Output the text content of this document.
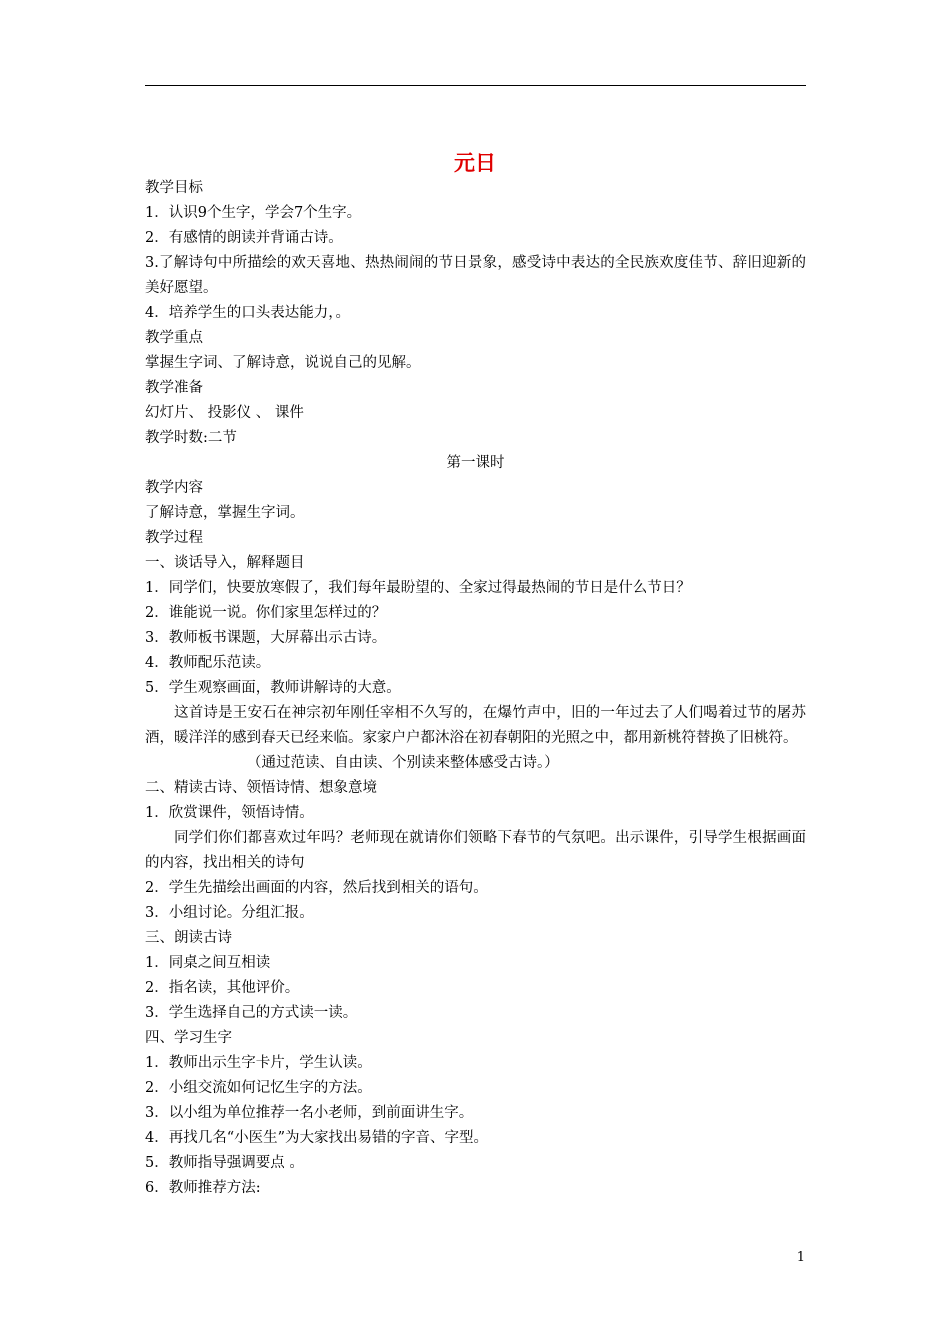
元日

教学目标

1．认识9个生字，学会7个生字。

2．有感情的朗读并背诵古诗。

3.了解诗句中所描绘的欢天喜地、热热闹闹的节日景象，感受诗中表达的全民族欢度佳节、辞旧迎新的美好愿望。

4．培养学生的口头表达能力，。

教学重点

掌握生字词、了解诗意，说说自己的见解。

教学准备

幻灯片、 投影仪 、 课件

教学时数:二节

第一课时

教学内容

了解诗意，掌握生字词。

教学过程

一、谈话导入，解释题目

1．同学们，快要放寒假了，我们每年最盼望的、全家过得最热闹的节日是什么节日？

2．谁能说一说。你们家里怎样过的？

3．教师板书课题，大屏幕出示古诗。

4．教师配乐范读。

5．学生观察画面，教师讲解诗的大意。

这首诗是王安石在神宗初年刚任宰相不久写的，在爆竹声中，旧的一年过去了人们喝着过节的屠苏酒，暖洋洋的感到春天已经来临。家家户户都沐浴在初春朝阳的光照之中，都用新桃符替换了旧桃符。

（通过范读、自由读、个别读来整体感受古诗。）

二、精读古诗、领悟诗情、想象意境

1．欣赏课件，领悟诗情。

同学们你们都喜欢过年吗？老师现在就请你们领略下春节的气氛吧。出示课件，引导学生根据画面的内容，找出相关的诗句

2．学生先描绘出画面的内容，然后找到相关的语句。

3．小组讨论。分组汇报。

三、朗读古诗

1．同桌之间互相读

2．指名读，其他评价。

3．学生选择自己的方式读一读。

四、学习生字

1．教师出示生字卡片，学生认读。

2．小组交流如何记忆生字的方法。

3．以小组为单位推荐一名小老师，到前面讲生字。

4．再找几名“小医生”为大家找出易错的字音、字型。

5．教师指导强调要点 。

6．教师推荐方法:

1
